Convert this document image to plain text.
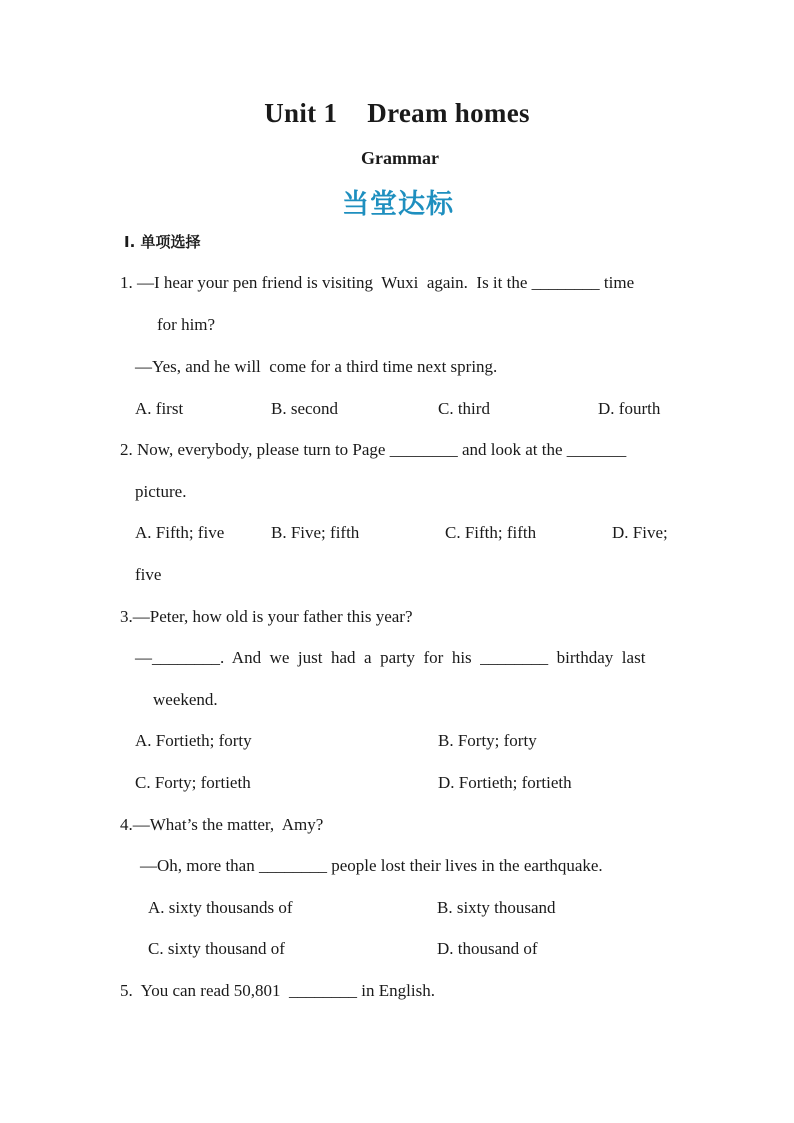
Unit 1 Dream homes
Grammar
当堂达标
Ⅰ. 单项选择
1. —I hear your pen friend is visiting  Wuxi  again.  Is it the ________ time
for him?
—Yes, and he will  come for a third time next spring.
A. first	B. second	C. third	D. fourth
2. Now, everybody, please turn to Page ________ and look at the _______
picture.
A. Fifth; five	B. Five; fifth	C. Fifth; fifth	D. Five;
five
3.—Peter, how old is your father this year?
—________.  And  we  just  had  a  party  for  his  ________  birthday  last
weekend.
A. Fortieth; forty	B. Forty; forty
C. Forty; fortieth	D. Fortieth; fortieth
4.—What’s the matter,  Amy?
—Oh, more than ________ people lost their lives in the earthquake.
A. sixty thousands of	B. sixty thousand
C. sixty thousand of	D. thousand of
5.  You can read 50,801  ________ in English.
